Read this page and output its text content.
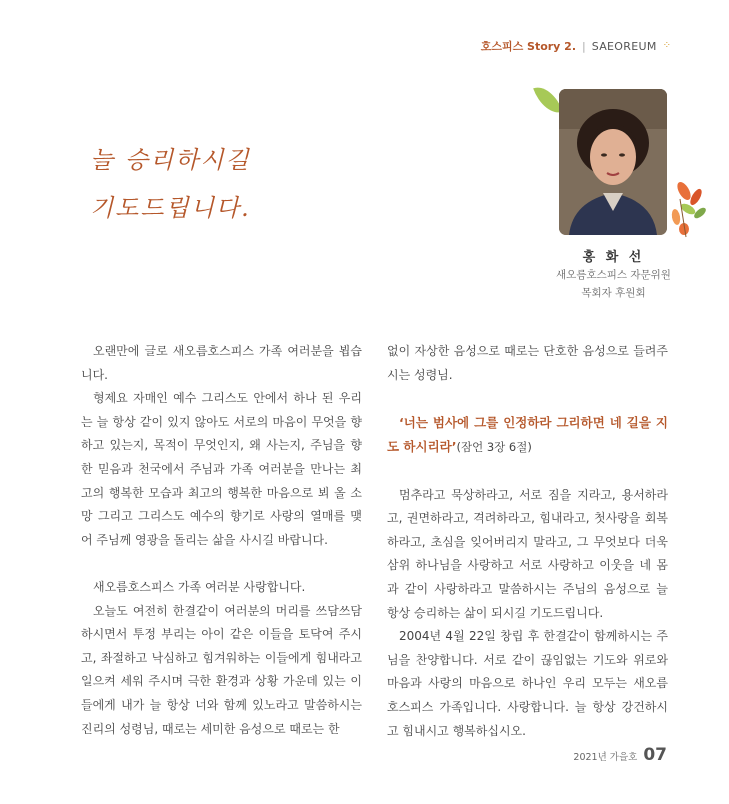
호스피스 Story 2. | SAEOREUM ⁘
늘 승리하시길
기도드립니다.
홍 화 선
새오름호스피스 자문위원
목회자 후원회

오랜만에 글로 새오름호스피스 가족 여러분을 뵙습니다.

형제요 자매인 예수 그리스도 안에서 하나 된 우리는 늘 항상 같이 있지 않아도 서로의 마음이 무엇을 향하고 있는지, 목적이 무엇인지, 왜 사는지, 주님을 향한 믿음과 천국에서 주님과 가족 여러분을 만나는 최고의 행복한 모습과 최고의 행복한 마음으로 뵈 올 소망 그리고 그리스도 예수의 향기로 사랑의 열매를 맺어 주님께 영광을 돌리는 삶을 사시길 바랍니다.

새오름호스피스 가족 여러분 사랑합니다.

오늘도 여전히 한결같이 여러분의 머리를 쓰담쓰담 하시면서 투정 부리는 아이 같은 이들을 토닥여 주시고, 좌절하고 낙심하고 힘겨워하는 이들에게 힘내라고 일으켜 세워 주시며 극한 환경과 상황 가운데 있는 이들에게 내가 늘 항상 너와 함께 있노라고 말씀하시는 진리의 성령님, 때로는 세미한 음성으로 때로는 한

없이 자상한 음성으로 때로는 단호한 음성으로 들려주시는 성령님.

‘너는 범사에 그를 인정하라 그리하면 네 길을 지도 하시리라’(잠언 3장 6절)

멈추라고 묵상하라고, 서로 짐을 지라고, 용서하라고, 권면하라고, 격려하라고, 힘내라고, 첫사랑을 회복하라고, 초심을 잊어버리지 말라고, 그 무엇보다 더욱 삼위 하나님을 사랑하고 서로 사랑하고 이웃을 네 몸과 같이 사랑하라고 말씀하시는 주님의 음성으로 늘 항상 승리하는 삶이 되시길 기도드립니다.

2004년 4월 22일 창립 후 한결같이 함께하시는 주님을 찬양합니다. 서로 같이 끊임없는 기도와 위로와 마음과 사랑의 마음으로 하나인 우리 모두는 새오름 호스피스 가족입니다. 사랑합니다. 늘 항상 강건하시고 힘내시고 행복하십시오.

2021년 가을호 07
